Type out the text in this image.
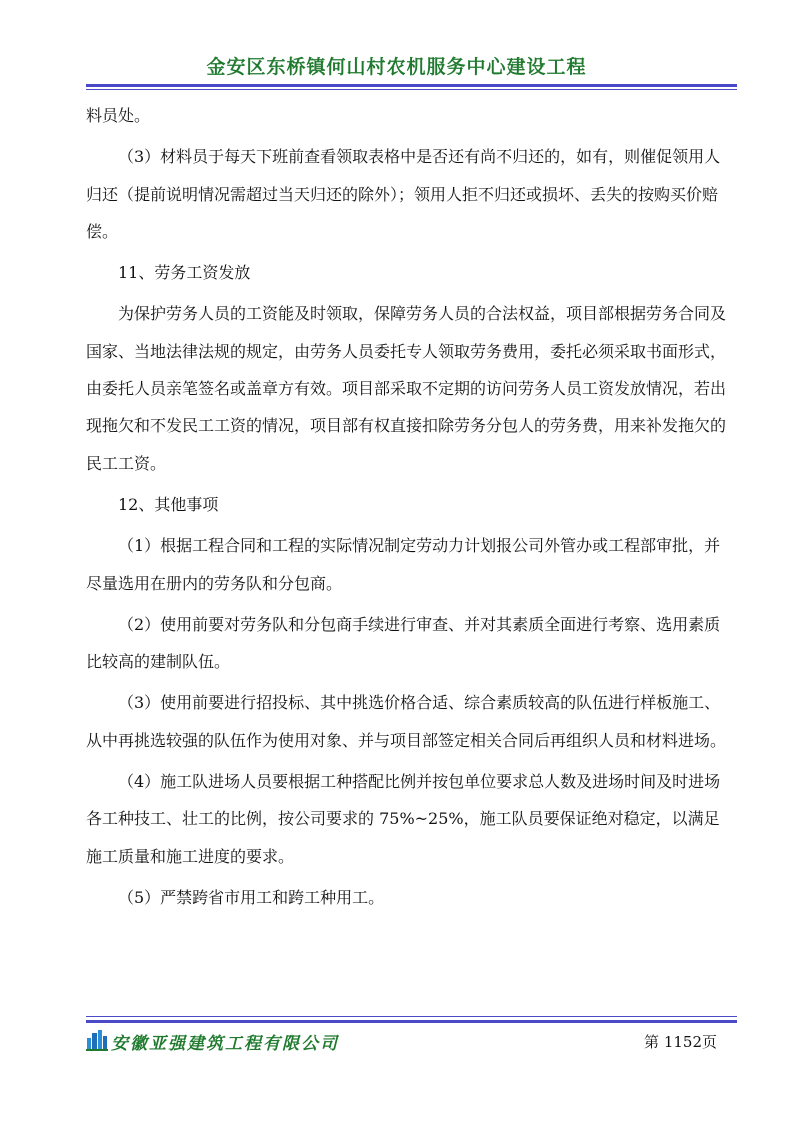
金安区东桥镇何山村农机服务中心建设工程

料员处。

（3）材料员于每天下班前查看领取表格中是否还有尚不归还的，如有，则催促领用人归还（提前说明情况需超过当天归还的除外）；领用人拒不归还或损坏、丢失的按购买价赔偿。

11、劳务工资发放

为保护劳务人员的工资能及时领取，保障劳务人员的合法权益，项目部根据劳务合同及国家、当地法律法规的规定，由劳务人员委托专人领取劳务费用，委托必须采取书面形式，由委托人员亲笔签名或盖章方有效。项目部采取不定期的访问劳务人员工资发放情况，若出现拖欠和不发民工工资的情况，项目部有权直接扣除劳务分包人的劳务费，用来补发拖欠的民工工资。

12、其他事项

（1）根据工程合同和工程的实际情况制定劳动力计划报公司外管办或工程部审批，并尽量选用在册内的劳务队和分包商。

（2）使用前要对劳务队和分包商手续进行审查、并对其素质全面进行考察、选用素质比较高的建制队伍。

（3）使用前要进行招投标、其中挑选价格合适、综合素质较高的队伍进行样板施工、从中再挑选较强的队伍作为使用对象、并与项目部签定相关合同后再组织人员和材料进场。

（4）施工队进场人员要根据工种搭配比例并按包单位要求总人数及进场时间及时进场各工种技工、壮工的比例，按公司要求的 75%~25%，施工队员要保证绝对稳定，以满足施工质量和施工进度的要求。

（5）严禁跨省市用工和跨工种用工。

安徽亚强建筑工程有限公司	第 1152页
